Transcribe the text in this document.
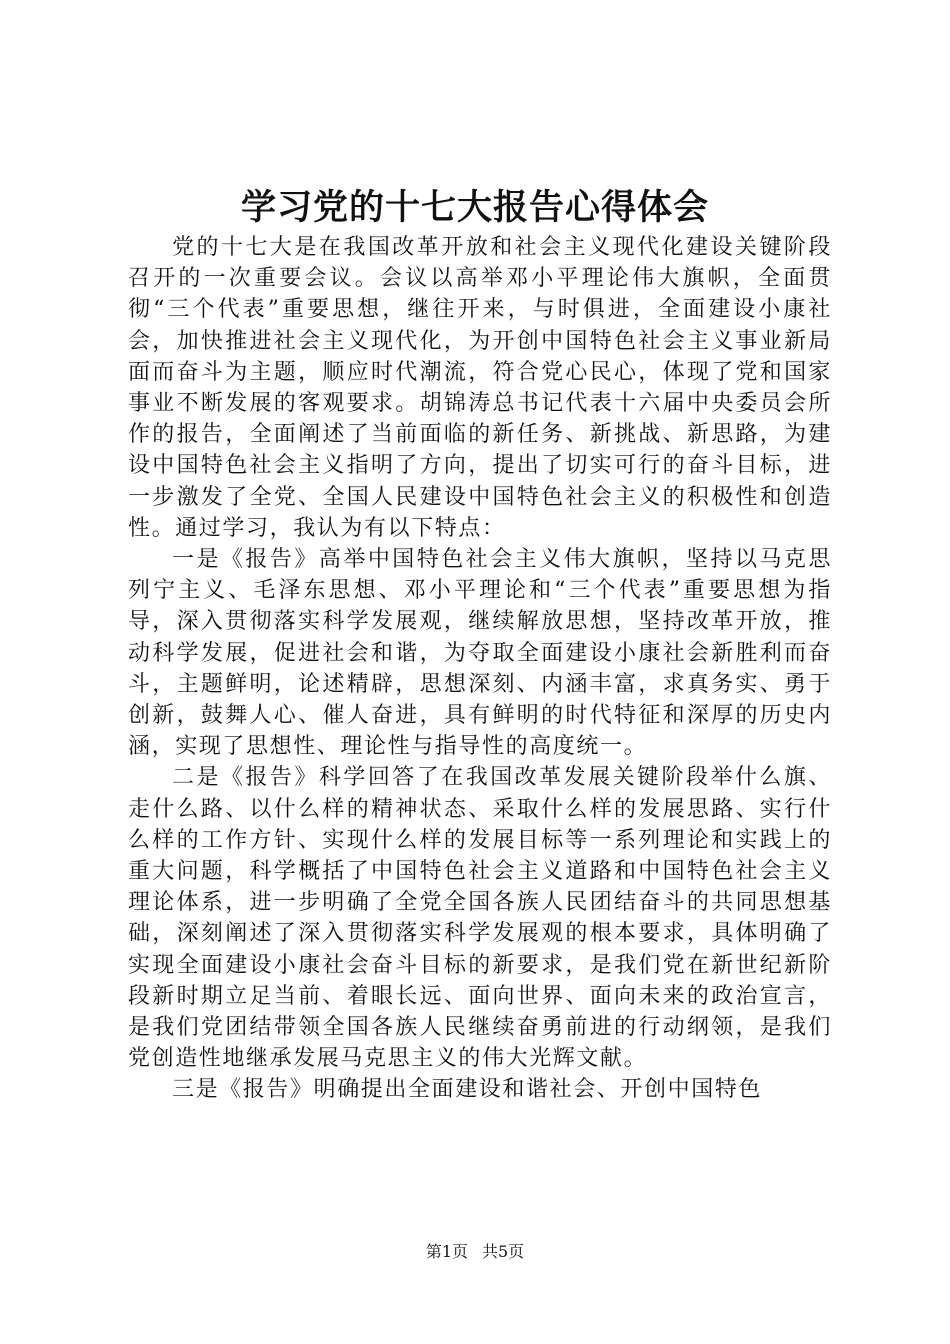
学习党的十七大报告心得体会

党的十七大是在我国改革开放和社会主义现代化建设关键阶段召开的一次重要会议。会议以高举邓小平理论伟大旗帜，全面贯彻“三个代表”重要思想，继往开来，与时俱进，全面建设小康社会，加快推进社会主义现代化，为开创中国特色社会主义事业新局面而奋斗为主题，顺应时代潮流，符合党心民心，体现了党和国家事业不断发展的客观要求。胡锦涛总书记代表十六届中央委员会所作的报告，全面阐述了当前面临的新任务、新挑战、新思路，为建设中国特色社会主义指明了方向，提出了切实可行的奋斗目标，进一步激发了全党、全国人民建设中国特色社会主义的积极性和创造性。通过学习，我认为有以下特点：

一是《报告》高举中国特色社会主义伟大旗帜，坚持以马克思列宁主义、毛泽东思想、邓小平理论和“三个代表”重要思想为指导，深入贯彻落实科学发展观，继续解放思想，坚持改革开放，推动科学发展，促进社会和谐，为夺取全面建设小康社会新胜利而奋斗，主题鲜明，论述精辟，思想深刻、内涵丰富，求真务实、勇于创新，鼓舞人心、催人奋进，具有鲜明的时代特征和深厚的历史内涵，实现了思想性、理论性与指导性的高度统一。

二是《报告》科学回答了在我国改革发展关键阶段举什么旗、走什么路、以什么样的精神状态、采取什么样的发展思路、实行什么样的工作方针、实现什么样的发展目标等一系列理论和实践上的重大问题，科学概括了中国特色社会主义道路和中国特色社会主义理论体系，进一步明确了全党全国各族人民团结奋斗的共同思想基础，深刻阐述了深入贯彻落实科学发展观的根本要求，具体明确了实现全面建设小康社会奋斗目标的新要求，是我们党在新世纪新阶段新时期立足当前、着眼长远、面向世界、面向未来的政治宣言，是我们党团结带领全国各族人民继续奋勇前进的行动纲领，是我们党创造性地继承发展马克思主义的伟大光辉文献。

三是《报告》明确提出全面建设和谐社会、开创中国特色

第1页 共5页
